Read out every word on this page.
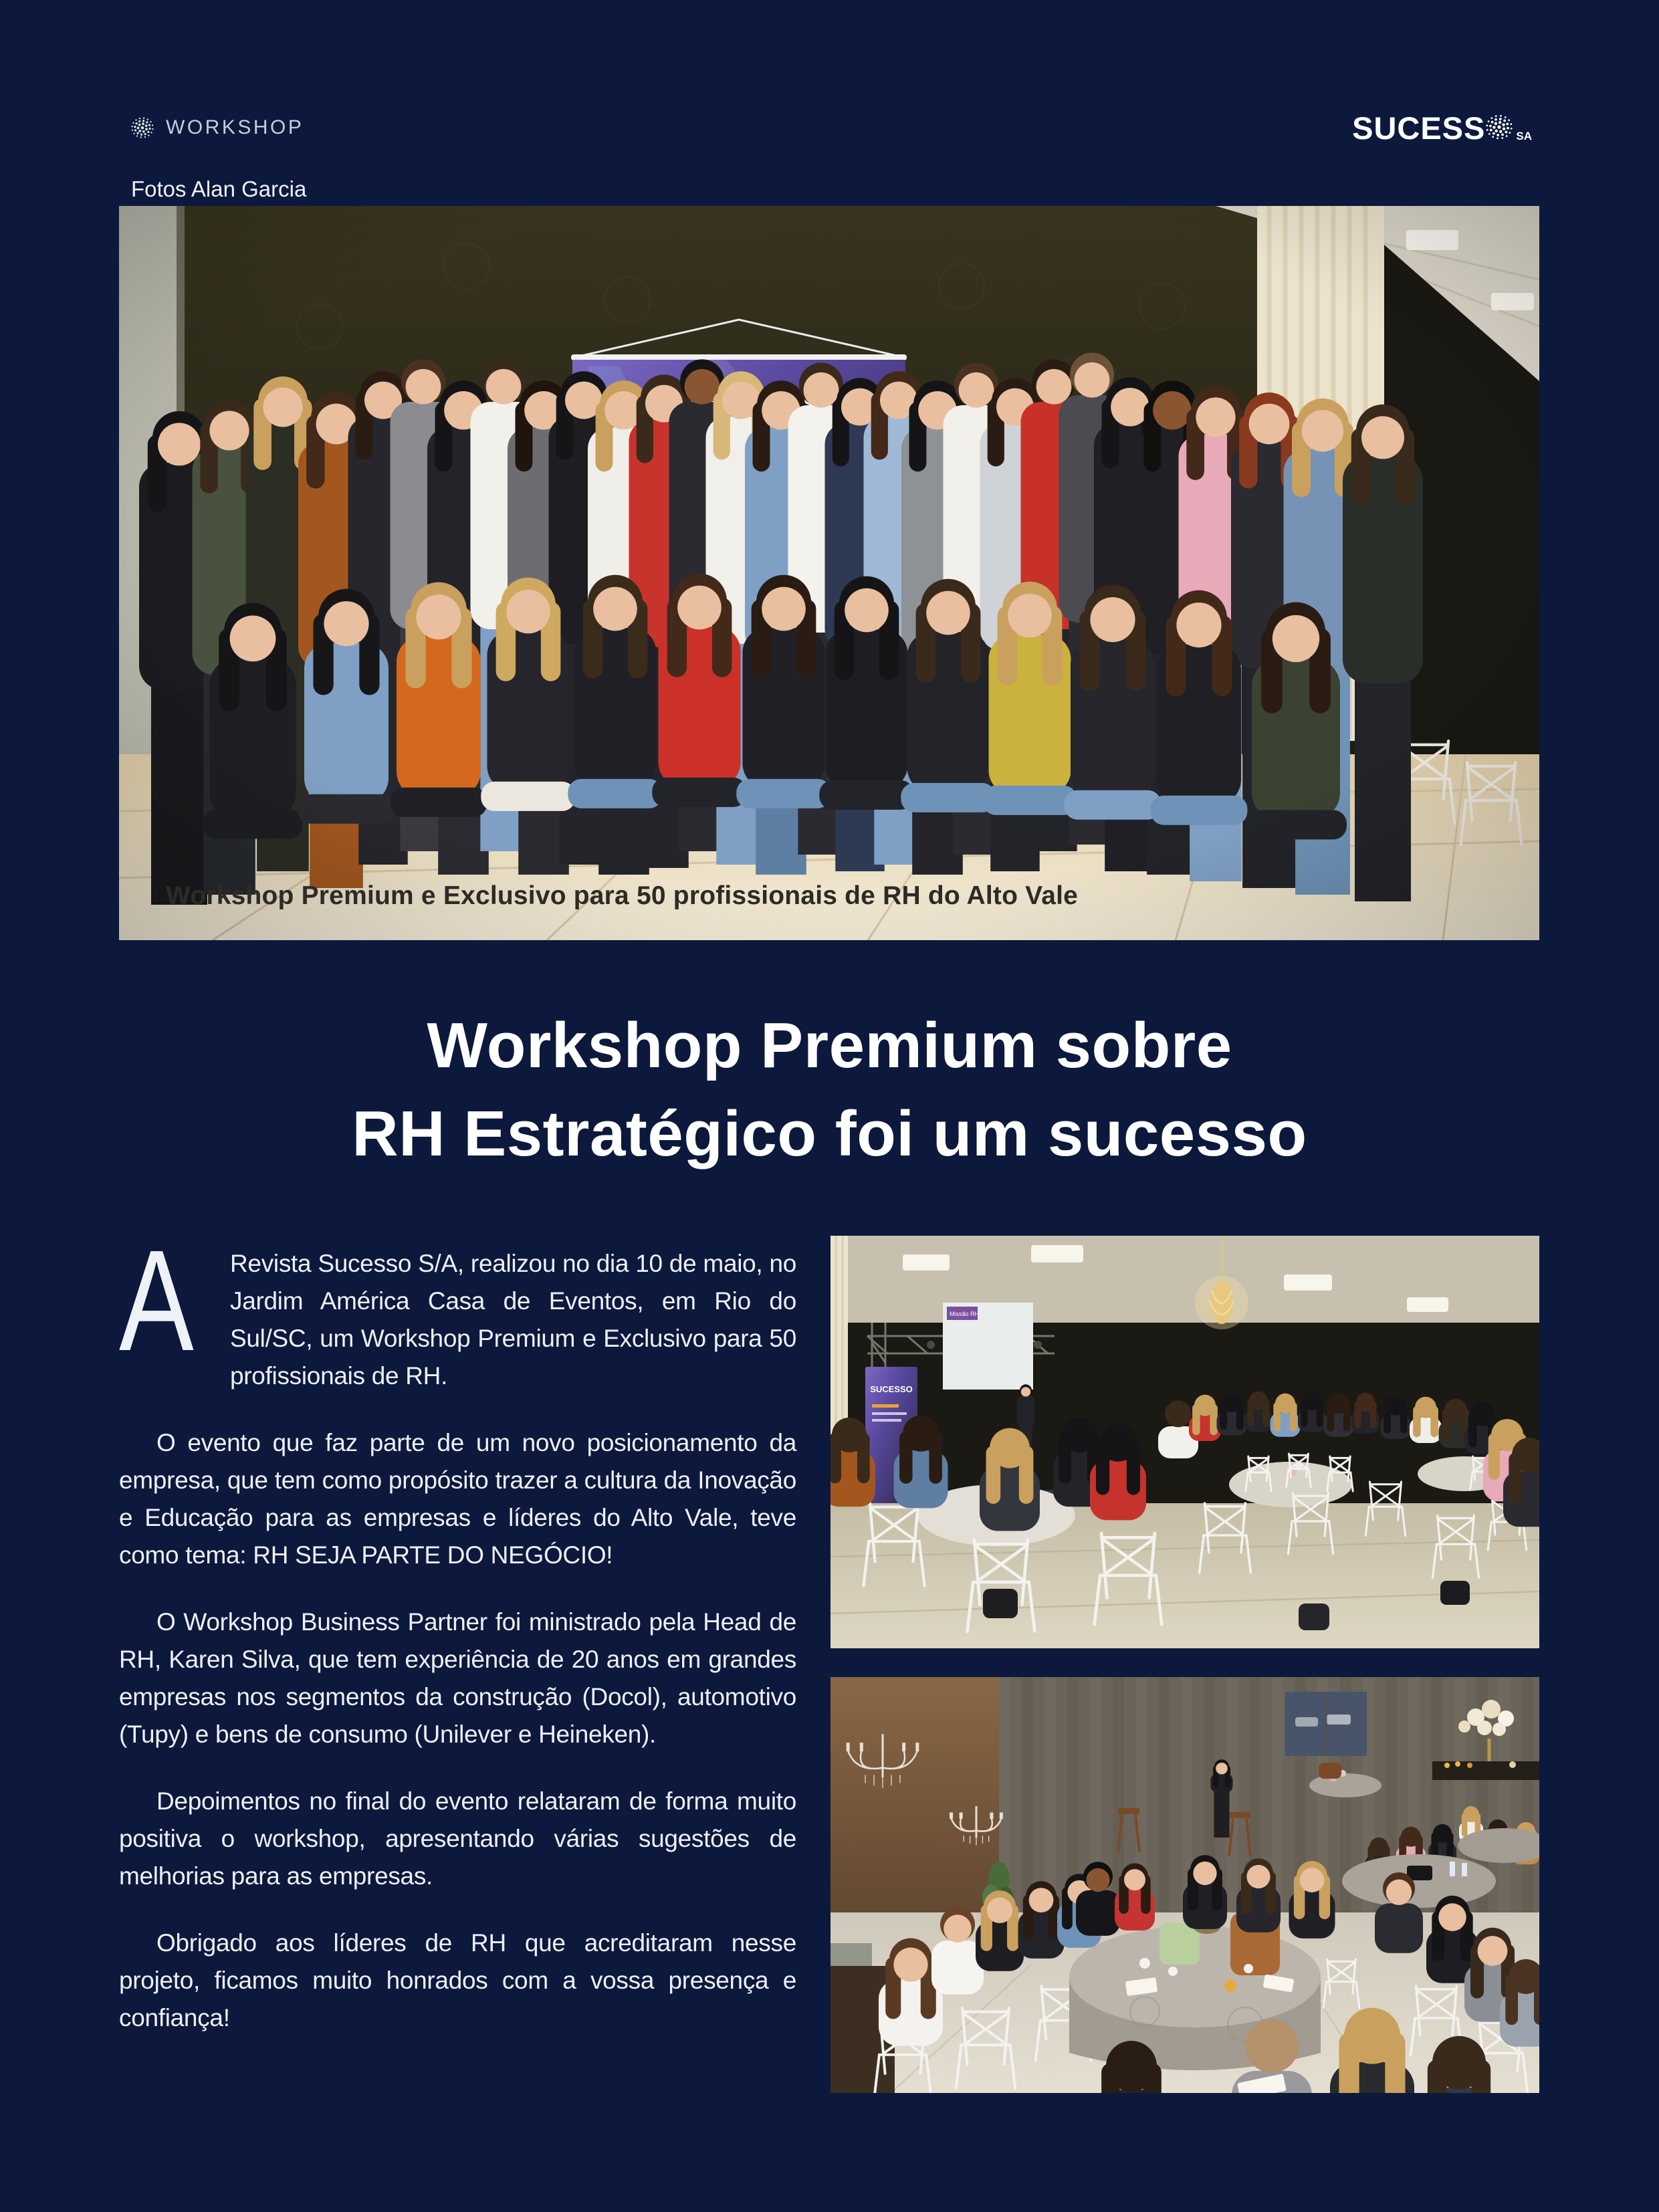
WORKSHOP	SUCESS	SA
Fotos Alan Garcia
Workshop Premium e Exclusivo para 50 profissionais de RH do Alto Vale
Workshop Premium sobre
RH Estratégico foi um sucesso

A Revista Sucesso S/A, realizou no dia 10 de maio, no Jardim América Casa de Eventos, em Rio do Sul/SC, um Workshop Premium e Exclusivo para 50 profissionais de RH.

O evento que faz parte de um novo posicionamento da empresa, que tem como propósito trazer a cultura da Inovação e Educação para as empresas e líderes do Alto Vale, teve como tema: RH SEJA PARTE DO NEGÓCIO!

O Workshop Business Partner foi ministrado pela Head de RH, Karen Silva, que tem experiência de 20 anos em grandes empresas nos segmentos da construção (Docol), automotivo (Tupy) e bens de consumo (Unilever e Heineken).

Depoimentos no final do evento relataram de forma muito positiva o workshop, apresentando várias sugestões de melhorias para as empresas.

Obrigado aos líderes de RH que acreditaram nesse projeto, ficamos muito honrados com a vossa presença e confiança!

Missão RH
SUCESSO
